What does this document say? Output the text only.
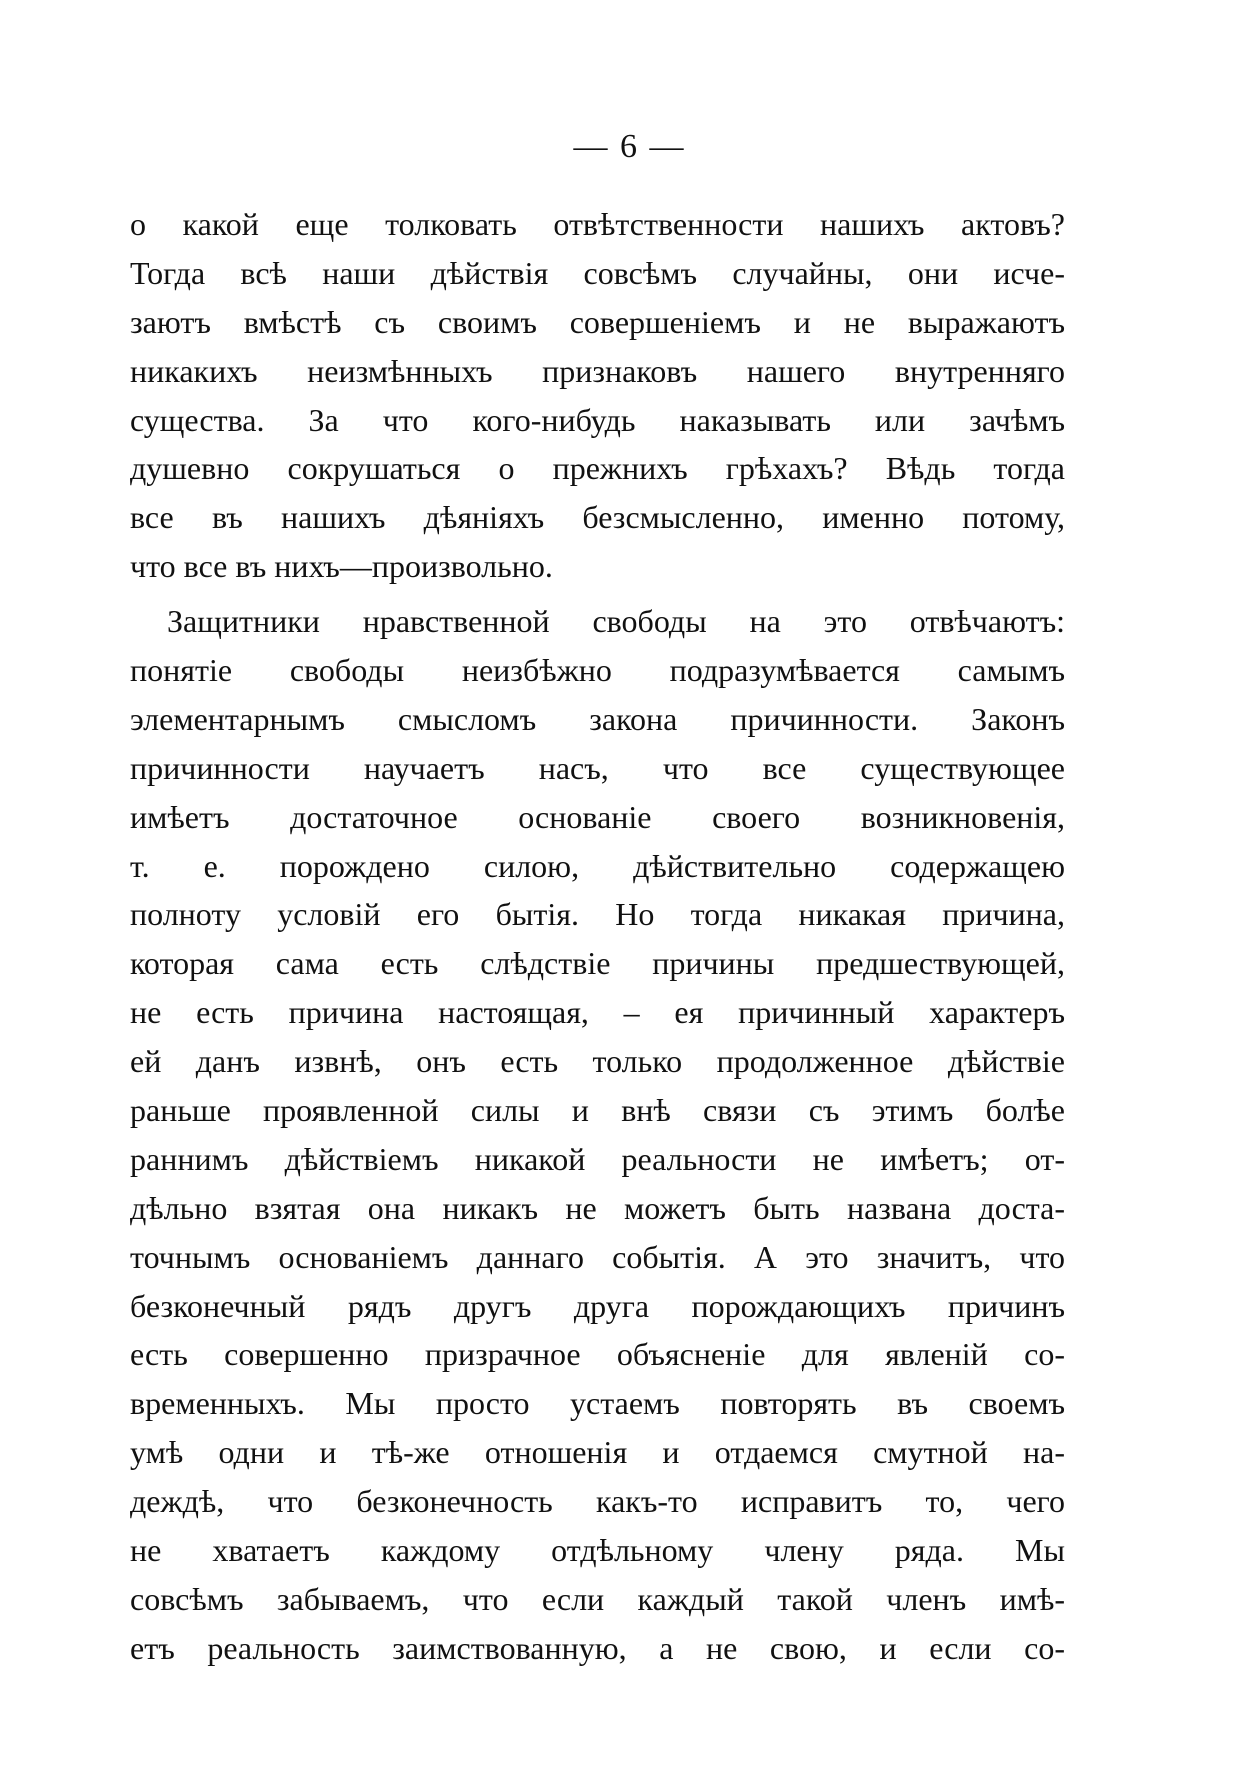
— 6 —
о какой еще толковать отвѣтственности нашихъ актовъ?
Тогда всѣ наши дѣйствія совсѣмъ случайны, они исче-
заютъ вмѣстѣ съ своимъ совершеніемъ и не выражаютъ
никакихъ неизмѣнныхъ признаковъ нашего внутренняго
существа. За что кого-нибудь наказывать или зачѣмъ
душевно сокрушаться о прежнихъ грѣхахъ? Вѣдь тогда
все въ нашихъ дѣяніяхъ безсмысленно, именно потому,
что все въ нихъ—произвольно.
Защитники нравственной свободы на это отвѣчаютъ:
понятіе свободы неизбѣжно подразумѣвается самымъ
элементарнымъ смысломъ закона причинности. Законъ
причинности научаетъ насъ, что все существующее
имѣетъ достаточное основаніе своего возникновенія,
т. е. порождено силою, дѣйствительно содержащею
полноту условій его бытія. Но тогда никакая причина,
которая сама есть слѣдствіе причины предшествующей,
не есть причина настоящая, – ея причинный характеръ
ей данъ извнѣ, онъ есть только продолженное дѣйствіе
раньше проявленной силы и внѣ связи съ этимъ болѣе
раннимъ дѣйствіемъ никакой реальности не имѣетъ; от-
дѣльно взятая она никакъ не можетъ быть названа доста-
точнымъ основаніемъ даннаго событія. А это значитъ, что
безконечный рядъ другъ друга порождающихъ причинъ
есть совершенно призрачное объясненіе для явленій со-
временныхъ. Мы просто устаемъ повторять въ своемъ
умѣ одни и тѣ-же отношенія и отдаемся смутной на-
деждѣ, что безконечность какъ-то исправитъ то, чего
не хватаетъ каждому отдѣльному члену ряда. Мы
совсѣмъ забываемъ, что если каждый такой членъ имѣ-
етъ реальность заимствованную, а не свою, и если со-
